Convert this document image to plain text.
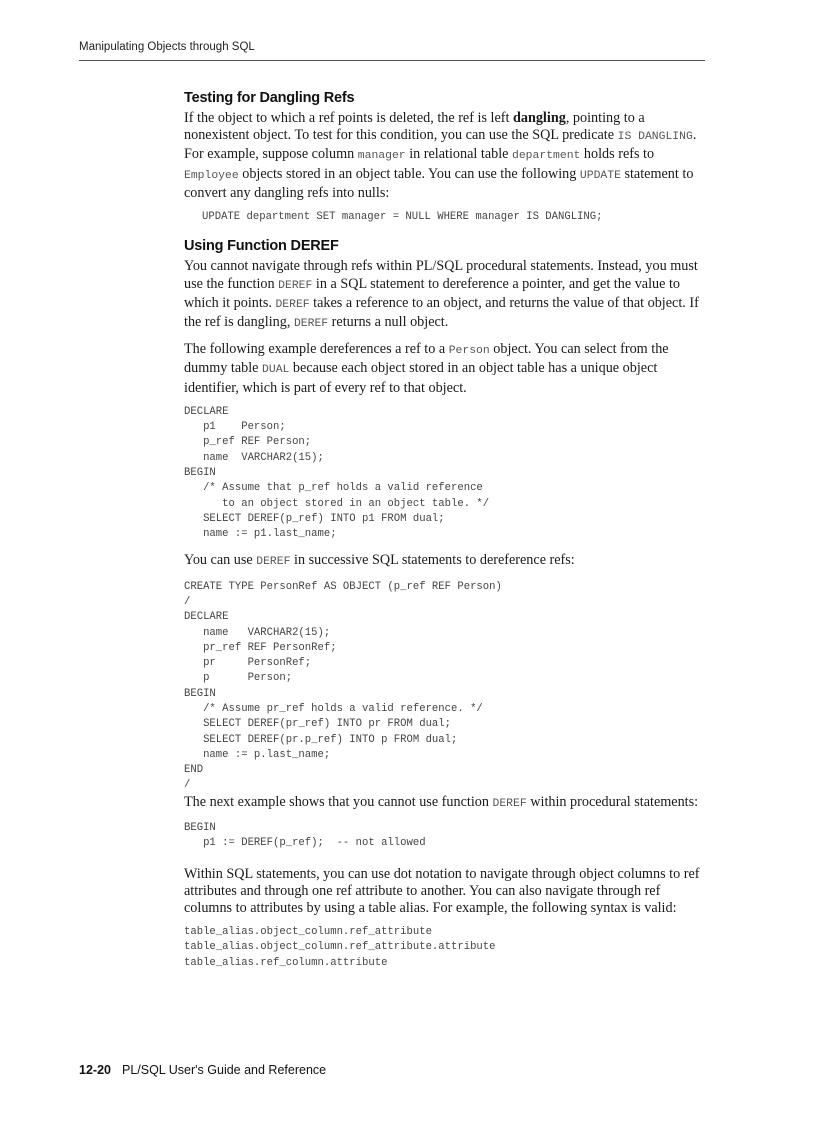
Manipulating Objects through SQL
Testing for Dangling Refs

If the object to which a ref points is deleted, the ref is left dangling, pointing to a nonexistent object. To test for this condition, you can use the SQL predicate IS DANGLING. For example, suppose column manager in relational table department holds refs to Employee objects stored in an object table. You can use the following UPDATE statement to convert any dangling refs into nulls:

UPDATE department SET manager = NULL WHERE manager IS DANGLING;
Using Function DEREF

You cannot navigate through refs within PL/SQL procedural statements. Instead, you must use the function DEREF in a SQL statement to dereference a pointer, and get the value to which it points. DEREF takes a reference to an object, and returns the value of that object. If the ref is dangling, DEREF returns a null object.

The following example dereferences a ref to a Person object. You can select from the dummy table DUAL because each object stored in an object table has a unique object identifier, which is part of every ref to that object.

DECLARE
p1    Person;
p_ref REF Person;
name  VARCHAR2(15);
BEGIN
/* Assume that p_ref holds a valid reference
to an object stored in an object table. */
SELECT DEREF(p_ref) INTO p1 FROM dual;
name := p1.last_name;

You can use DEREF in successive SQL statements to dereference refs:

CREATE TYPE PersonRef AS OBJECT (p_ref REF Person)
/
DECLARE
name   VARCHAR2(15);
pr_ref REF PersonRef;
pr     PersonRef;
p      Person;
BEGIN
/* Assume pr_ref holds a valid reference. */
SELECT DEREF(pr_ref) INTO pr FROM dual;
SELECT DEREF(pr.p_ref) INTO p FROM dual;
name := p.last_name;
END
/

The next example shows that you cannot use function DEREF within procedural statements:

BEGIN
p1 := DEREF(p_ref);  -- not allowed

Within SQL statements, you can use dot notation to navigate through object columns to ref attributes and through one ref attribute to another. You can also navigate through ref columns to attributes by using a table alias. For example, the following syntax is valid:

table_alias.object_column.ref_attribute
table_alias.object_column.ref_attribute.attribute
table_alias.ref_column.attribute
12-20 PL/SQL User's Guide and Reference
